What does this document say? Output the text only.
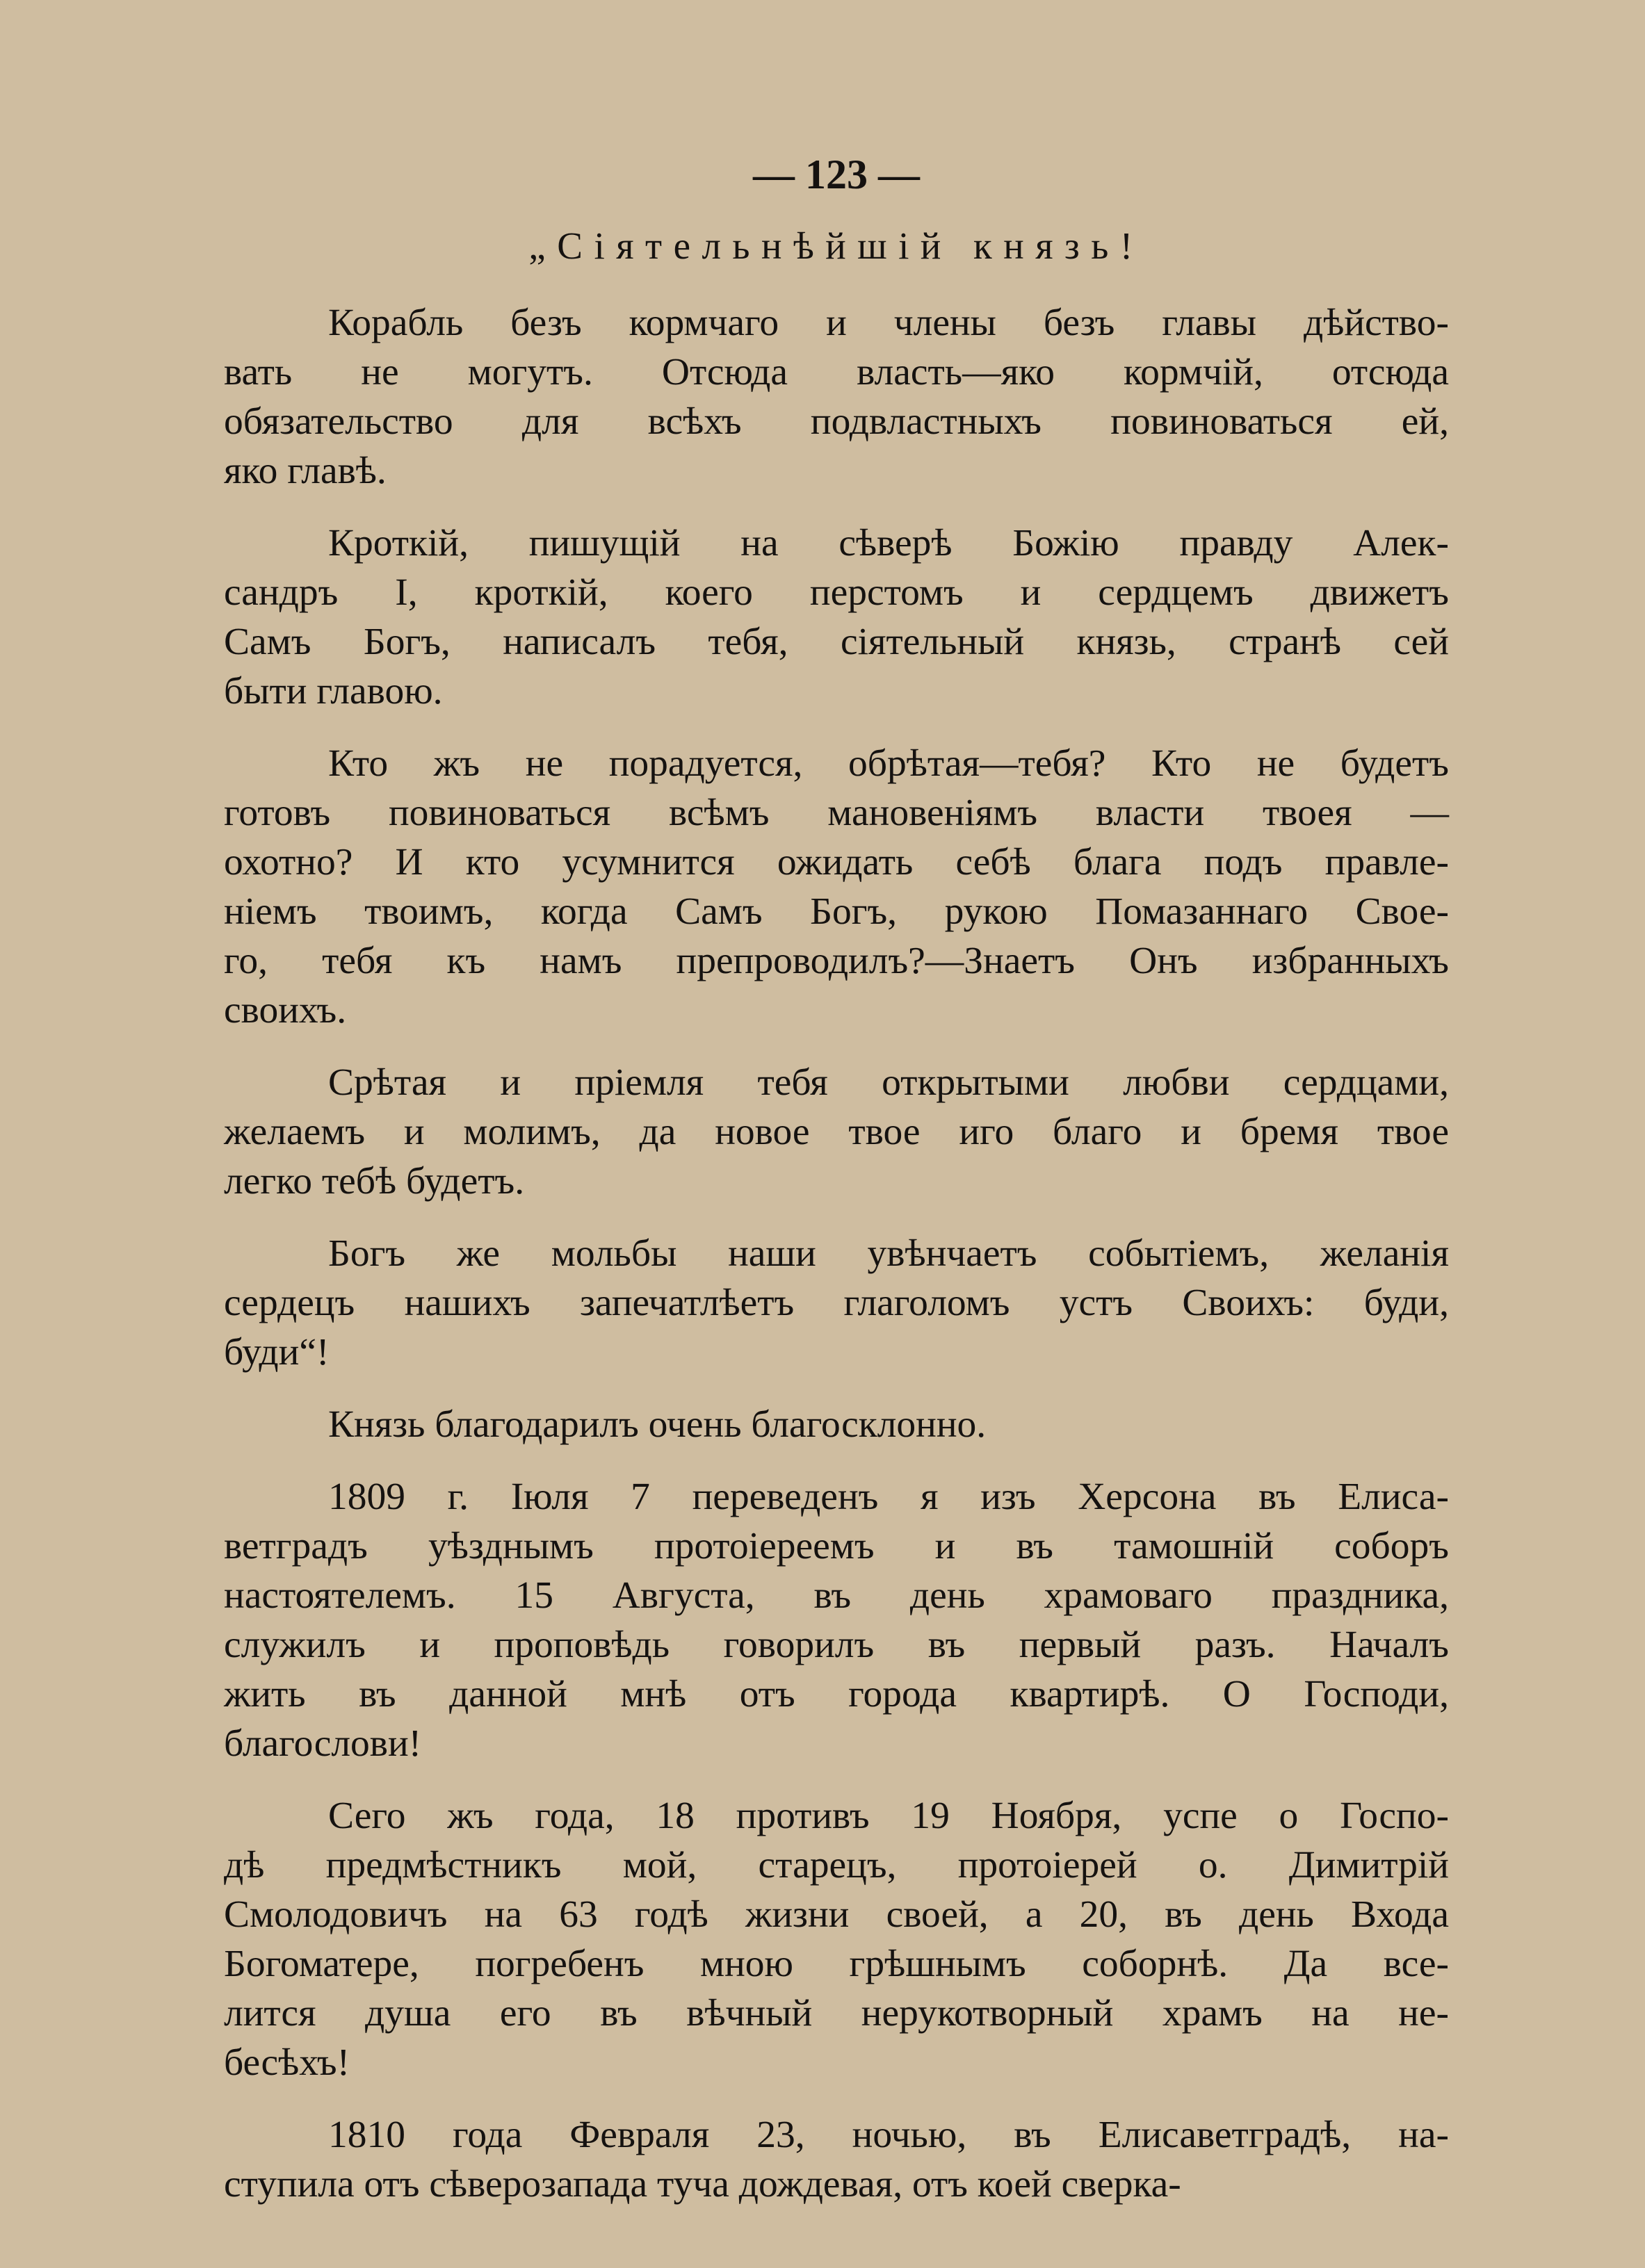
— 123 —
„Сiятельнѣйшiй князь!
Корабль безъ кормчаго и члены безъ главы дѣйство-
вать не могутъ. Отсюда власть—яко кормчiй, отсюда
обязательство для всѣхъ подвластныхъ повиноваться ей,
яко главѣ.
Кроткiй, пишущiй на сѣверѣ Божiю правду Алек-
сандръ I, кроткiй, коего перстомъ и сердцемъ движетъ
Самъ Богъ, написалъ тебя, сiятельный князь, странѣ сей
быти главою.
Кто жъ не порадуется, обрѣтая—тебя? Кто не будетъ
готовъ повиноваться всѣмъ мановенiямъ власти твоея —
охотно? И кто усумнится ожидать себѣ блага подъ правле-
нiемъ твоимъ, когда Самъ Богъ, рукою Помазаннаго Свое-
го, тебя къ намъ препроводилъ?—Знаетъ Онъ избранныхъ
своихъ.
Срѣтая и прiемля тебя открытыми любви сердцами,
желаемъ и молимъ, да новое твое иго благо и бремя твое
легко тебѣ будетъ.
Богъ же мольбы наши увѣнчаетъ событiемъ, желанiя
сердецъ нашихъ запечатлѣетъ глаголомъ устъ Своихъ: буди,
буди“!
Князь благодарилъ очень благосклонно.
1809 г. Iюля 7 переведенъ я изъ Херсона въ Елиса-
ветградъ уѣзднымъ протоiереемъ и въ тамошнiй соборъ
настоятелемъ. 15 Августа, въ день храмоваго праздника,
служилъ и проповѣдь говорилъ въ первый разъ. Началъ
жить въ данной мнѣ отъ города квартирѣ. О Господи,
благослови!
Сего жъ года, 18 противъ 19 Ноября, успе о Госпо-
дѣ предмѣстникъ мой, старецъ, протоiерей о. Димитрiй
Смолодовичъ на 63 годѣ жизни своей, а 20, въ день Входа
Богоматере, погребенъ мною грѣшнымъ соборнѣ. Да все-
лится душа его въ вѣчный нерукотворный храмъ на не-
бесѣхъ!
1810 года Февраля 23, ночью, въ Елисаветградѣ, на-
ступила отъ сѣверозапада туча дождевая, отъ коей сверка-
